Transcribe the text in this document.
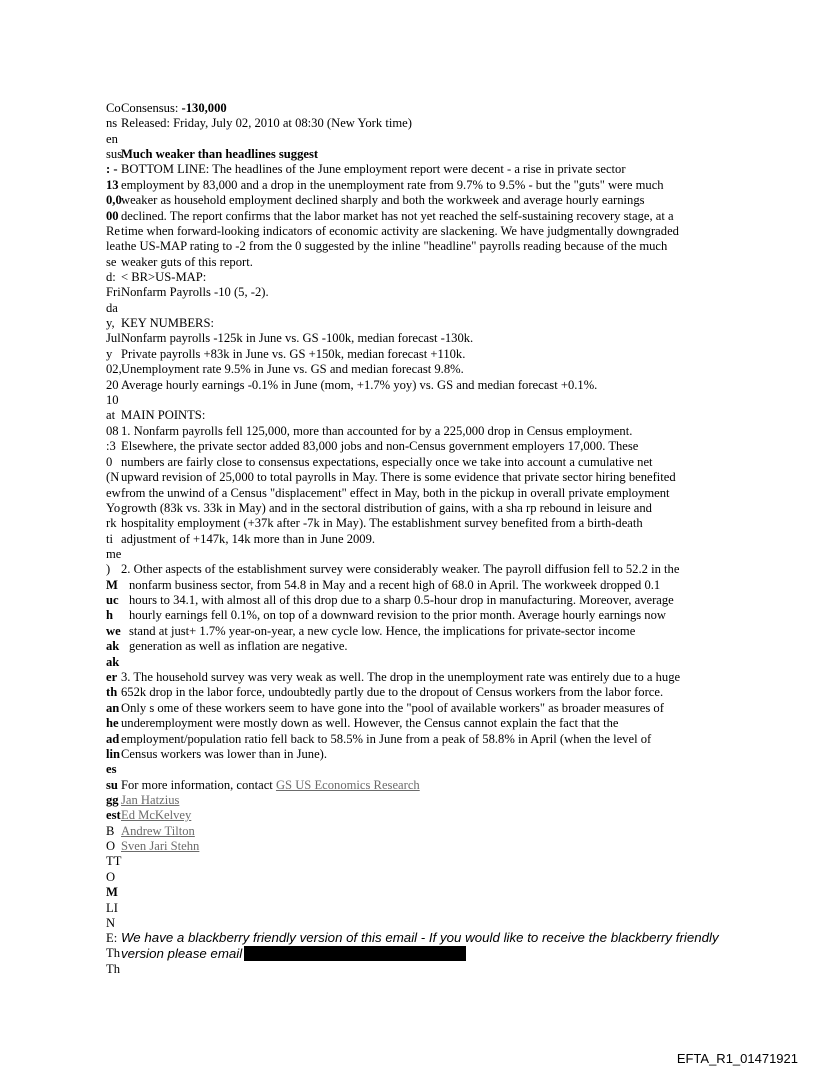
Co Consensus: -130,000
ns Released: Friday, July 02, 2010 at 08:30 (New York time)
en
sus
Much weaker than headlines suggest
: - BOTTOM LINE: The headlines of the June employment report were decent - a rise in private sector
13 employment by 83,000 and a drop in the unemployment rate from 9.7% to 9.5% - but the "guts" were much
0,0 weaker as household employment declined sharply and both the workweek and average hourly earnings
00 declined. The report confirms that the labor market has not yet reached the self-sustaining recovery stage, at a
Re time when forward-looking indicators of economic activity are slackening. We have judgmentally downgraded
lea the US-MAP rating to -2 from the 0 suggested by the inline "headline" payrolls reading because of the much
se weaker guts of this report.
d: < BR>US-MAP:
Fri Nonfarm Payrolls -10 (5, -2).
da
y, KEY NUMBERS:
Jul Nonfarm payrolls -125k in June vs. GS -100k, median forecast -130k.
y Private payrolls +83k in June vs. GS +150k, median forecast +110k.
02, Unemployment rate 9.5% in June vs. GS and median forecast 9.8%.
20 Average hourly earnings -0.1% in June (mom, +1.7% yoy) vs. GS and median forecast +0.1%.
10
at MAIN POINTS:
08 1. Nonfarm payrolls fell 125,000, more than accounted for by a 225,000 drop in Census employment.
:3 Elsewhere, the private sector added 83,000 jobs and non-Census government employers 17,000. These
0 numbers are fairly close to consensus expectations, especially once we take into account a cumulative net
(N upward revision of 25,000 to total payrolls in May. There is some evidence that private sector hiring benefited
ew from the unwind of a Census "displacement" effect in May, both in the pickup in overall private employment
Yo growth (83k vs. 33k in May) and in the sectoral distribution of gains, with a sha rp rebound in leisure and
rk hospitality employment (+37k after -7k in May). The establishment survey benefited from a birth-death
ti adjustment of +147k, 14k more than in June 2009.
me
) 2. Other aspects of the establishment survey were considerably weaker. The payroll diffusion fell to 52.2 in the
M nonfarm business sector, from 54.8 in May and a recent high of 68.0 in April. The workweek dropped 0.1
uc hours to 34.1, with almost all of this drop due to a sharp 0.5-hour drop in manufacturing. Moreover, average
h	hourly earnings fell 0.1%, on top of a downward revision to the prior month. Average hourly earnings now
we stand at just+ 1.7% year-on-year, a new cycle low. Hence, the implications for private-sector income
ak generation as well as inflation are negative.
ak
er 3. The household survey was very weak as well. The drop in the unemployment rate was entirely due to a huge
th 652k drop in the labor force, undoubtedly partly due to the dropout of Census workers from the labor force.
an Only s ome of these workers seem to have gone into the "pool of available workers" as broader measures of
he underemployment were mostly down as well. However, the Census cannot explain the fact that the
ad employment/population ratio fell back to 58.5% in June from a peak of 58.8% in April (when the level of
lin Census workers was lower than in June).
es
su For more information, contact GS US Economics Research
gg Jan Hatzius
est Ed McKelvey
B Andrew Tilton
O Sven Jari Stehn
TT
O
M
LI
N
E:
Th
Th
We have a blackberry friendly version of this email - If you would like to receive the blackberry friendly version please email
EFTA_R1_01471921
